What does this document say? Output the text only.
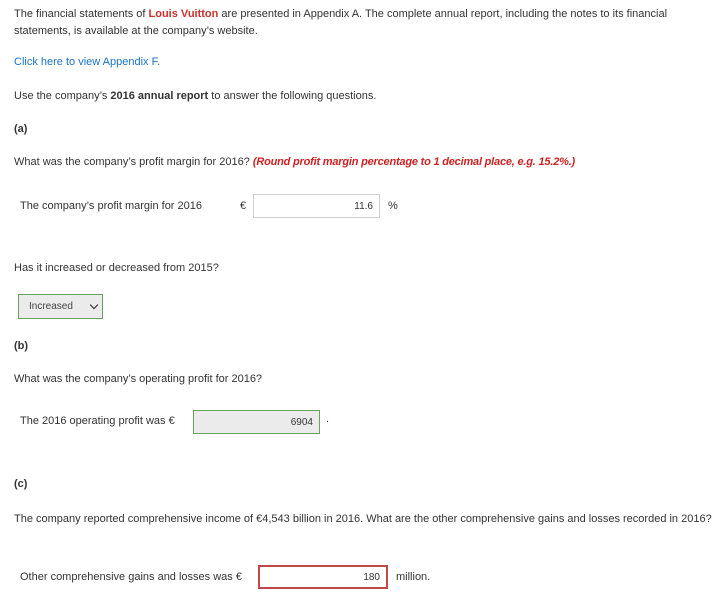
The financial statements of Louis Vuitton are presented in Appendix A. The complete annual report, including the notes to its financial statements, is available at the company’s website.
Click here to view Appendix F.
Use the company’s 2016 annual report to answer the following questions.
(a)
What was the company’s profit margin for 2016? (Round profit margin percentage to 1 decimal place, e.g. 15.2%.)
The company’s profit margin for 2016	€
11.6	%
Has it increased or decreased from 2015?
Increased
(b)
What was the company’s operating profit for 2016?
The 2016 operating profit was €
6904	.
(c)
The company reported comprehensive income of €4,543 billion in 2016. What are the other comprehensive gains and losses recorded in 2016?
Other comprehensive gains and losses was €
180	million.
